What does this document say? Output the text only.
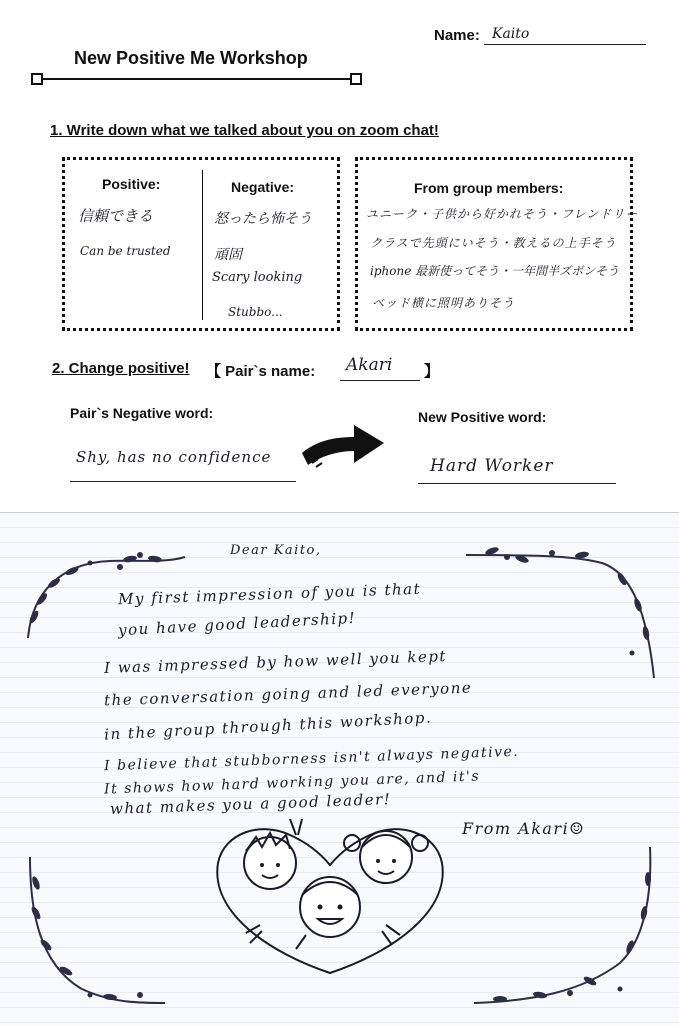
Name: Kaito
New Positive Me Workshop
1. Write down what we talked about you on zoom chat!
Positive:	Negative:
信頼できる
Can be trusted
怒ったら怖そう
頑固
Scary looking
Stubbo...
From group members:
ユニーク・子供から好かれそう・フレンドリー
クラスで先頭にいそう・教えるの上手そう
iphone 最新使ってそう・一年間半ズボンそう
ベッド横に照明ありそう
2. Change positive! 【 Pair`s name: Akari 】
Pair`s Negative word:	New Positive word:
Shy, has no confidence	Hard Worker
Dear Kaito,
My first impression of you is that
you have good leadership!
I was impressed by how well you kept
the conversation going and led everyone
in the group through this workshop.
I believe that stubborness isn't always negative.
It shows how hard working you are, and it's
what makes you a good leader!
From Akari☺
